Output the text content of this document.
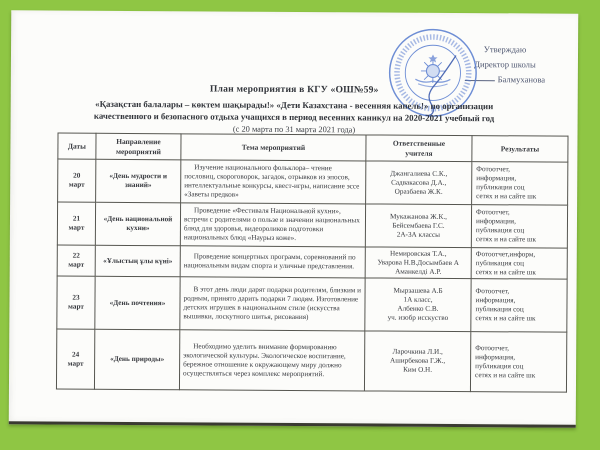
Утверждаю
Директор школы
Балмуханова
План мероприятия в КГУ «ОШ№59»
«Қазақстан балалары – көктем шақырады!» «Дети Казахстана - весенняя капель!» по организации
качественного и безопасного отдыха учащихся в период весенних каникул на 2020-2021 учебный год
(с 20 марта по 31 марта 2021 года)
Даты	Направление
мероприятий	Тема мероприятий	Ответственные
учителя	Результаты
20
март	«День мудрости и знаний»	Изучение национального фольклора– чтение пословиц, скороговорок, загадок, отрывков из эпосов, интеллектуальные конкурсы, квест-игры, написание эссе «Заветы предков»	Джангалиева С.К.,
Садвакасова Д.А.,
Оразбаева Ж.К.	Фотоотчет,
информация,
публикация соц
сетях и на сайте шк
21
март	«День национальной кухни»	Проведение «Фестиваля Национальной кухни», встречи с родителями о пользе и значении национальных блюд для здоровья, видеороликов подготовки национальных блюд «Наурыз коже».	Мукажанова Ж.К.,
Бейсембаева Г.С.
2А-3А классы	Фотоотчет,
информация,
публикация соц
сетях и на сайте шк
22
март	«Ұлыстың ұлы күні»	Проведение концертных программ, соревнований по национальным видам спорта и уличные представления.	Немировская Т.А.,
Уварова Н.В.Досымбаев А
Аманкелді А.Р.	Фотоотчет,информ,
публикация соц
сетях и на сайте шк
23
март	«День почтения»	В этот день люди дарят подарки родителям, близким и родным, принято дарить подарки 7 людям. Изготовление детских игрушек в национальном стиле (искусства вышивки, лоскутного шитья, рисования)	Мырзашева А.Б
1А класс,
Албенко С.В.
уч. изобр исскуство	Фотоотчет,
информация,
публикация соц
сетях и на сайте шк
24
март	«День природы»	Необходимо уделить внимание формированию экологической культуры. Экологическое воспитание, бережное отношение к окружающему миру должно осуществляться через комплекс мероприятий.	Ларочкина Л.И.,
Аширбекова Г.Ж.,
Ким О.Н.	Фотоотчет,
информация,
публикация соц
сетях и на сайте шк
